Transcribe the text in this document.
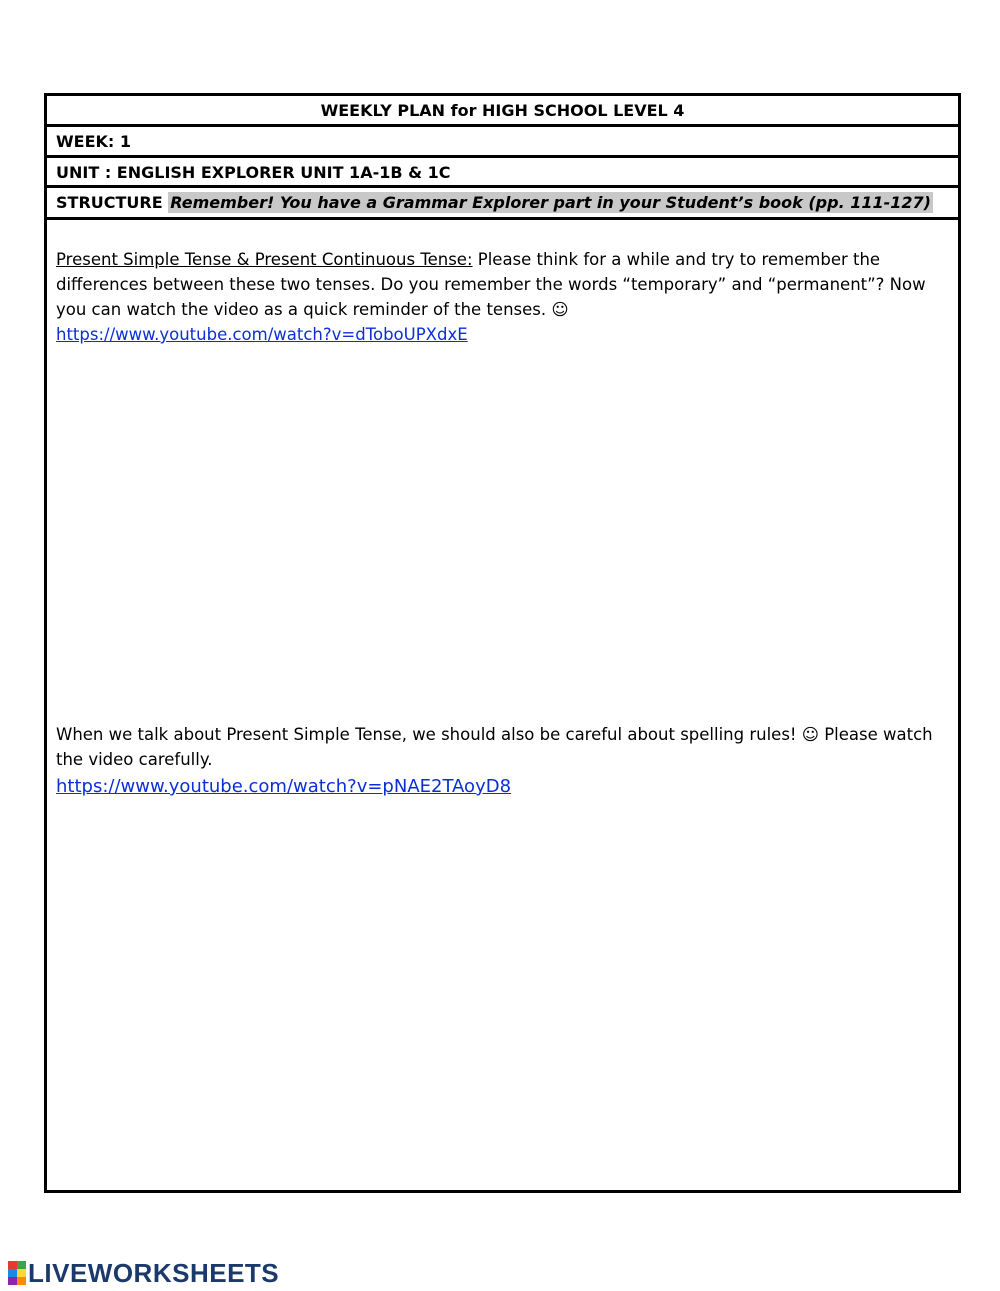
WEEKLY PLAN for HIGH SCHOOL LEVEL 4
WEEK: 1
UNIT : ENGLISH EXPLORER UNIT 1A-1B & 1C
STRUCTURE Remember! You have a Grammar Explorer part in your Student’s book (pp. 111-127)
Present Simple Tense & Present Continuous Tense: Please think for a while and try to remember the differences between these two tenses. Do you remember the words “temporary” and “permanent”? Now you can watch the video as a quick reminder of the tenses. ☺
https://www.youtube.com/watch?v=dToboUPXdxE
When we talk about Present Simple Tense, we should also be careful about spelling rules! ☺ Please watch the video carefully.
https://www.youtube.com/watch?v=pNAE2TAoyD8
LIVEWORKSHEETS
